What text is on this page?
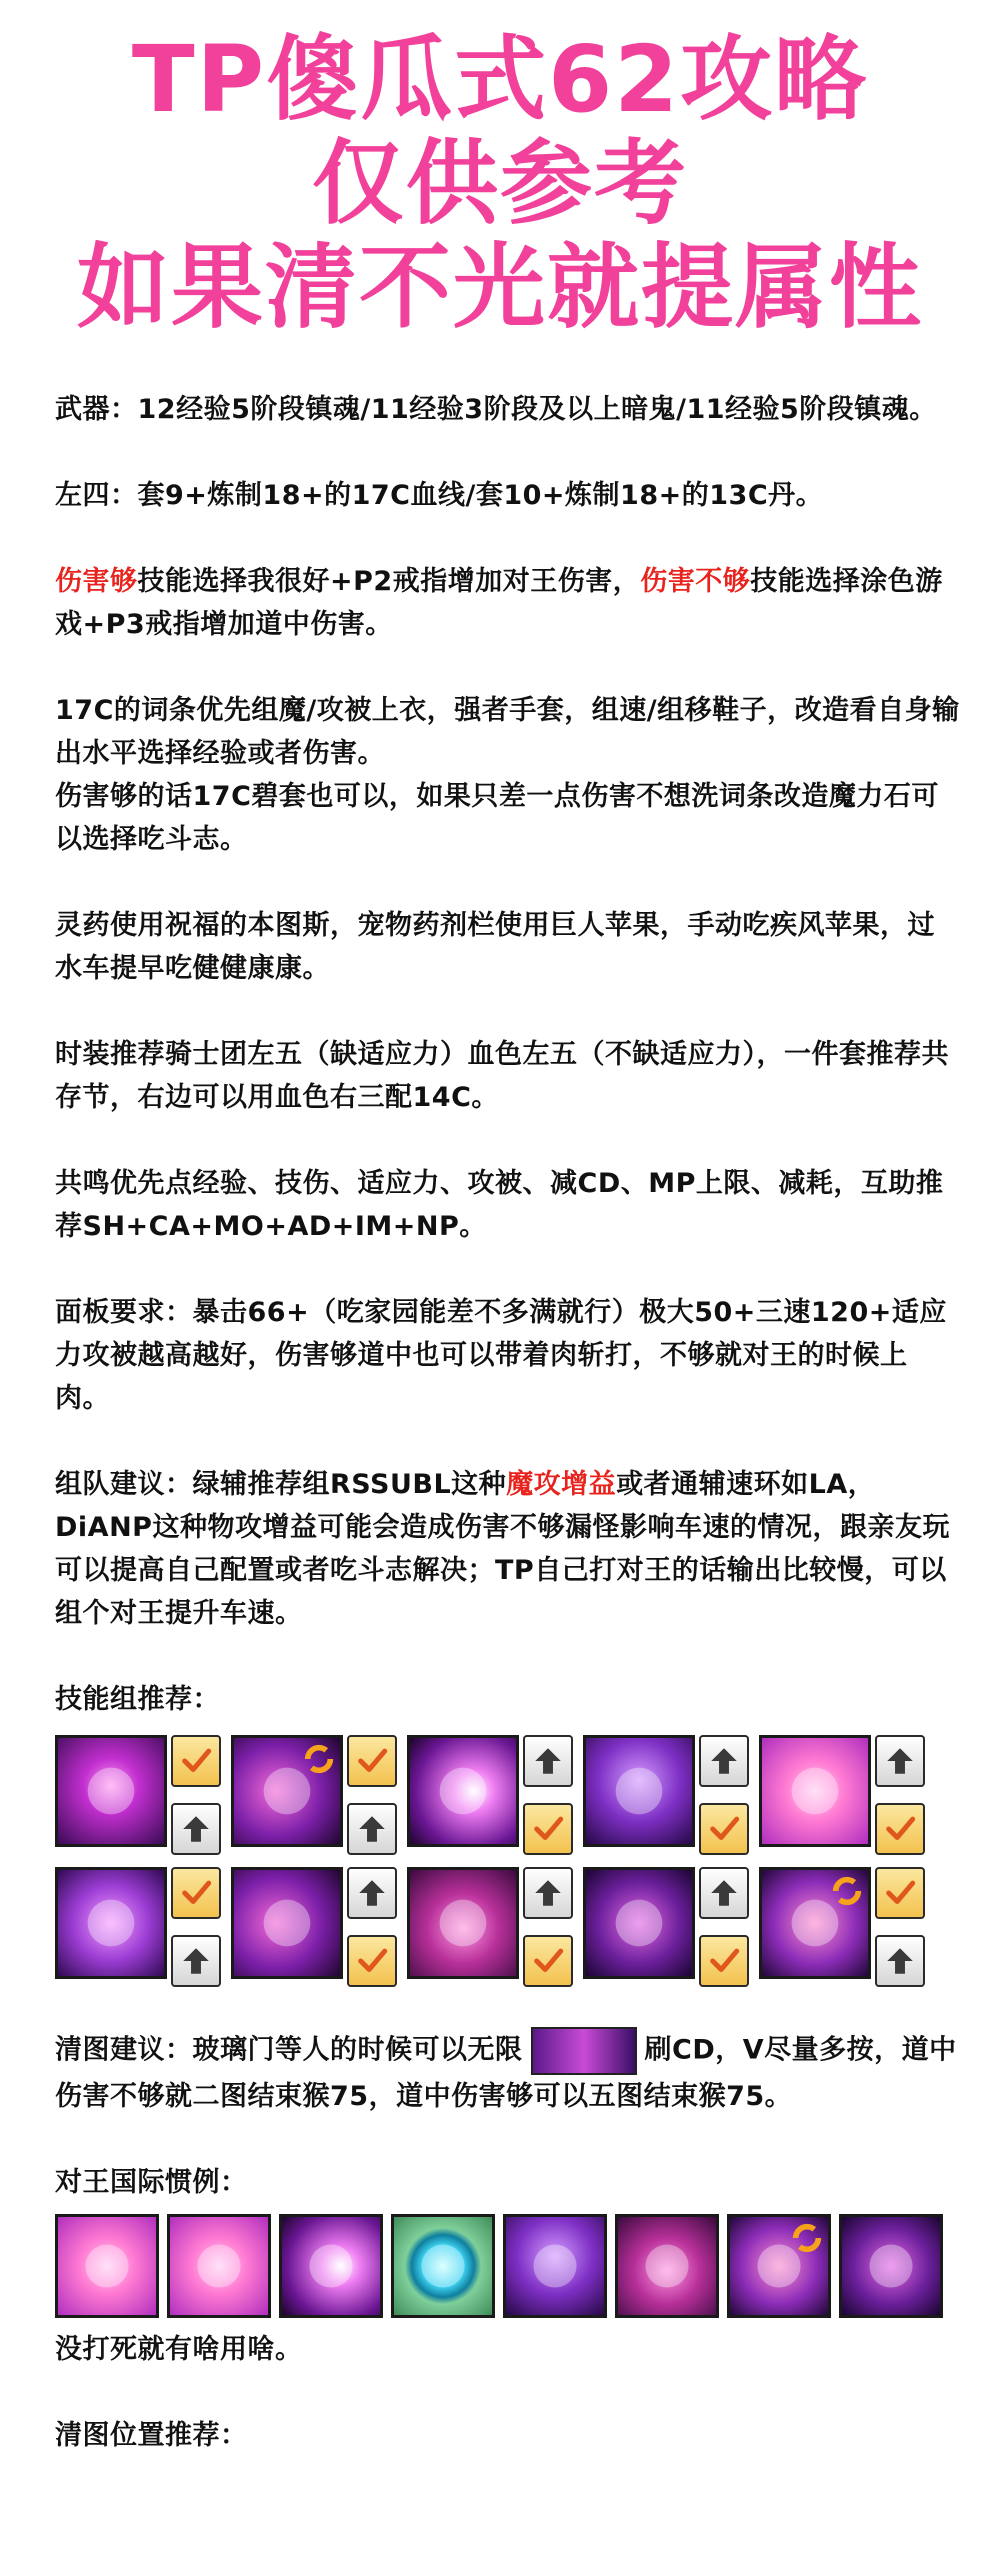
TP傻瓜式62攻略
仅供参考
如果清不光就提属性
武器：12经验5阶段镇魂/11经验3阶段及以上暗鬼/11经验5阶段镇魂。
左四：套9+炼制18+的17C血线/套10+炼制18+的13C丹。
伤害够技能选择我很好+P2戒指增加对王伤害，伤害不够技能选择涂色游戏+P3戒指增加道中伤害。
17C的词条优先组魔/攻被上衣，强者手套，组速/组移鞋子，改造看自身输出水平选择经验或者伤害。
伤害够的话17C碧套也可以，如果只差一点伤害不想洗词条改造魔力石可以选择吃斗志。
灵药使用祝福的本图斯，宠物药剂栏使用巨人苹果，手动吃疾风苹果，过水车提早吃健健康康。
时装推荐骑士团左五（缺适应力）血色左五（不缺适应力），一件套推荐共存节，右边可以用血色右三配14C。
共鸣优先点经验、技伤、适应力、攻被、减CD、MP上限、减耗，互助推荐SH+CA+MO+AD+IM+NP。
面板要求：暴击66+（吃家园能差不多满就行）极大50+三速120+适应力攻被越高越好，伤害够道中也可以带着肉斩打，不够就对王的时候上肉。
组队建议：绿辅推荐组RSSUBL这种魔攻增益或者通辅速环如LA，DiANP这种物攻增益可能会造成伤害不够漏怪影响车速的情况，跟亲友玩可以提高自己配置或者吃斗志解决；TP自己打对王的话输出比较慢，可以组个对王提升车速。
技能组推荐：
清图建议：玻璃门等人的时候可以无限	刷CD，V尽量多按，道中伤害不够就二图结束猴75，道中伤害够可以五图结束猴75。
对王国际惯例：
没打死就有啥用啥。
清图位置推荐：
